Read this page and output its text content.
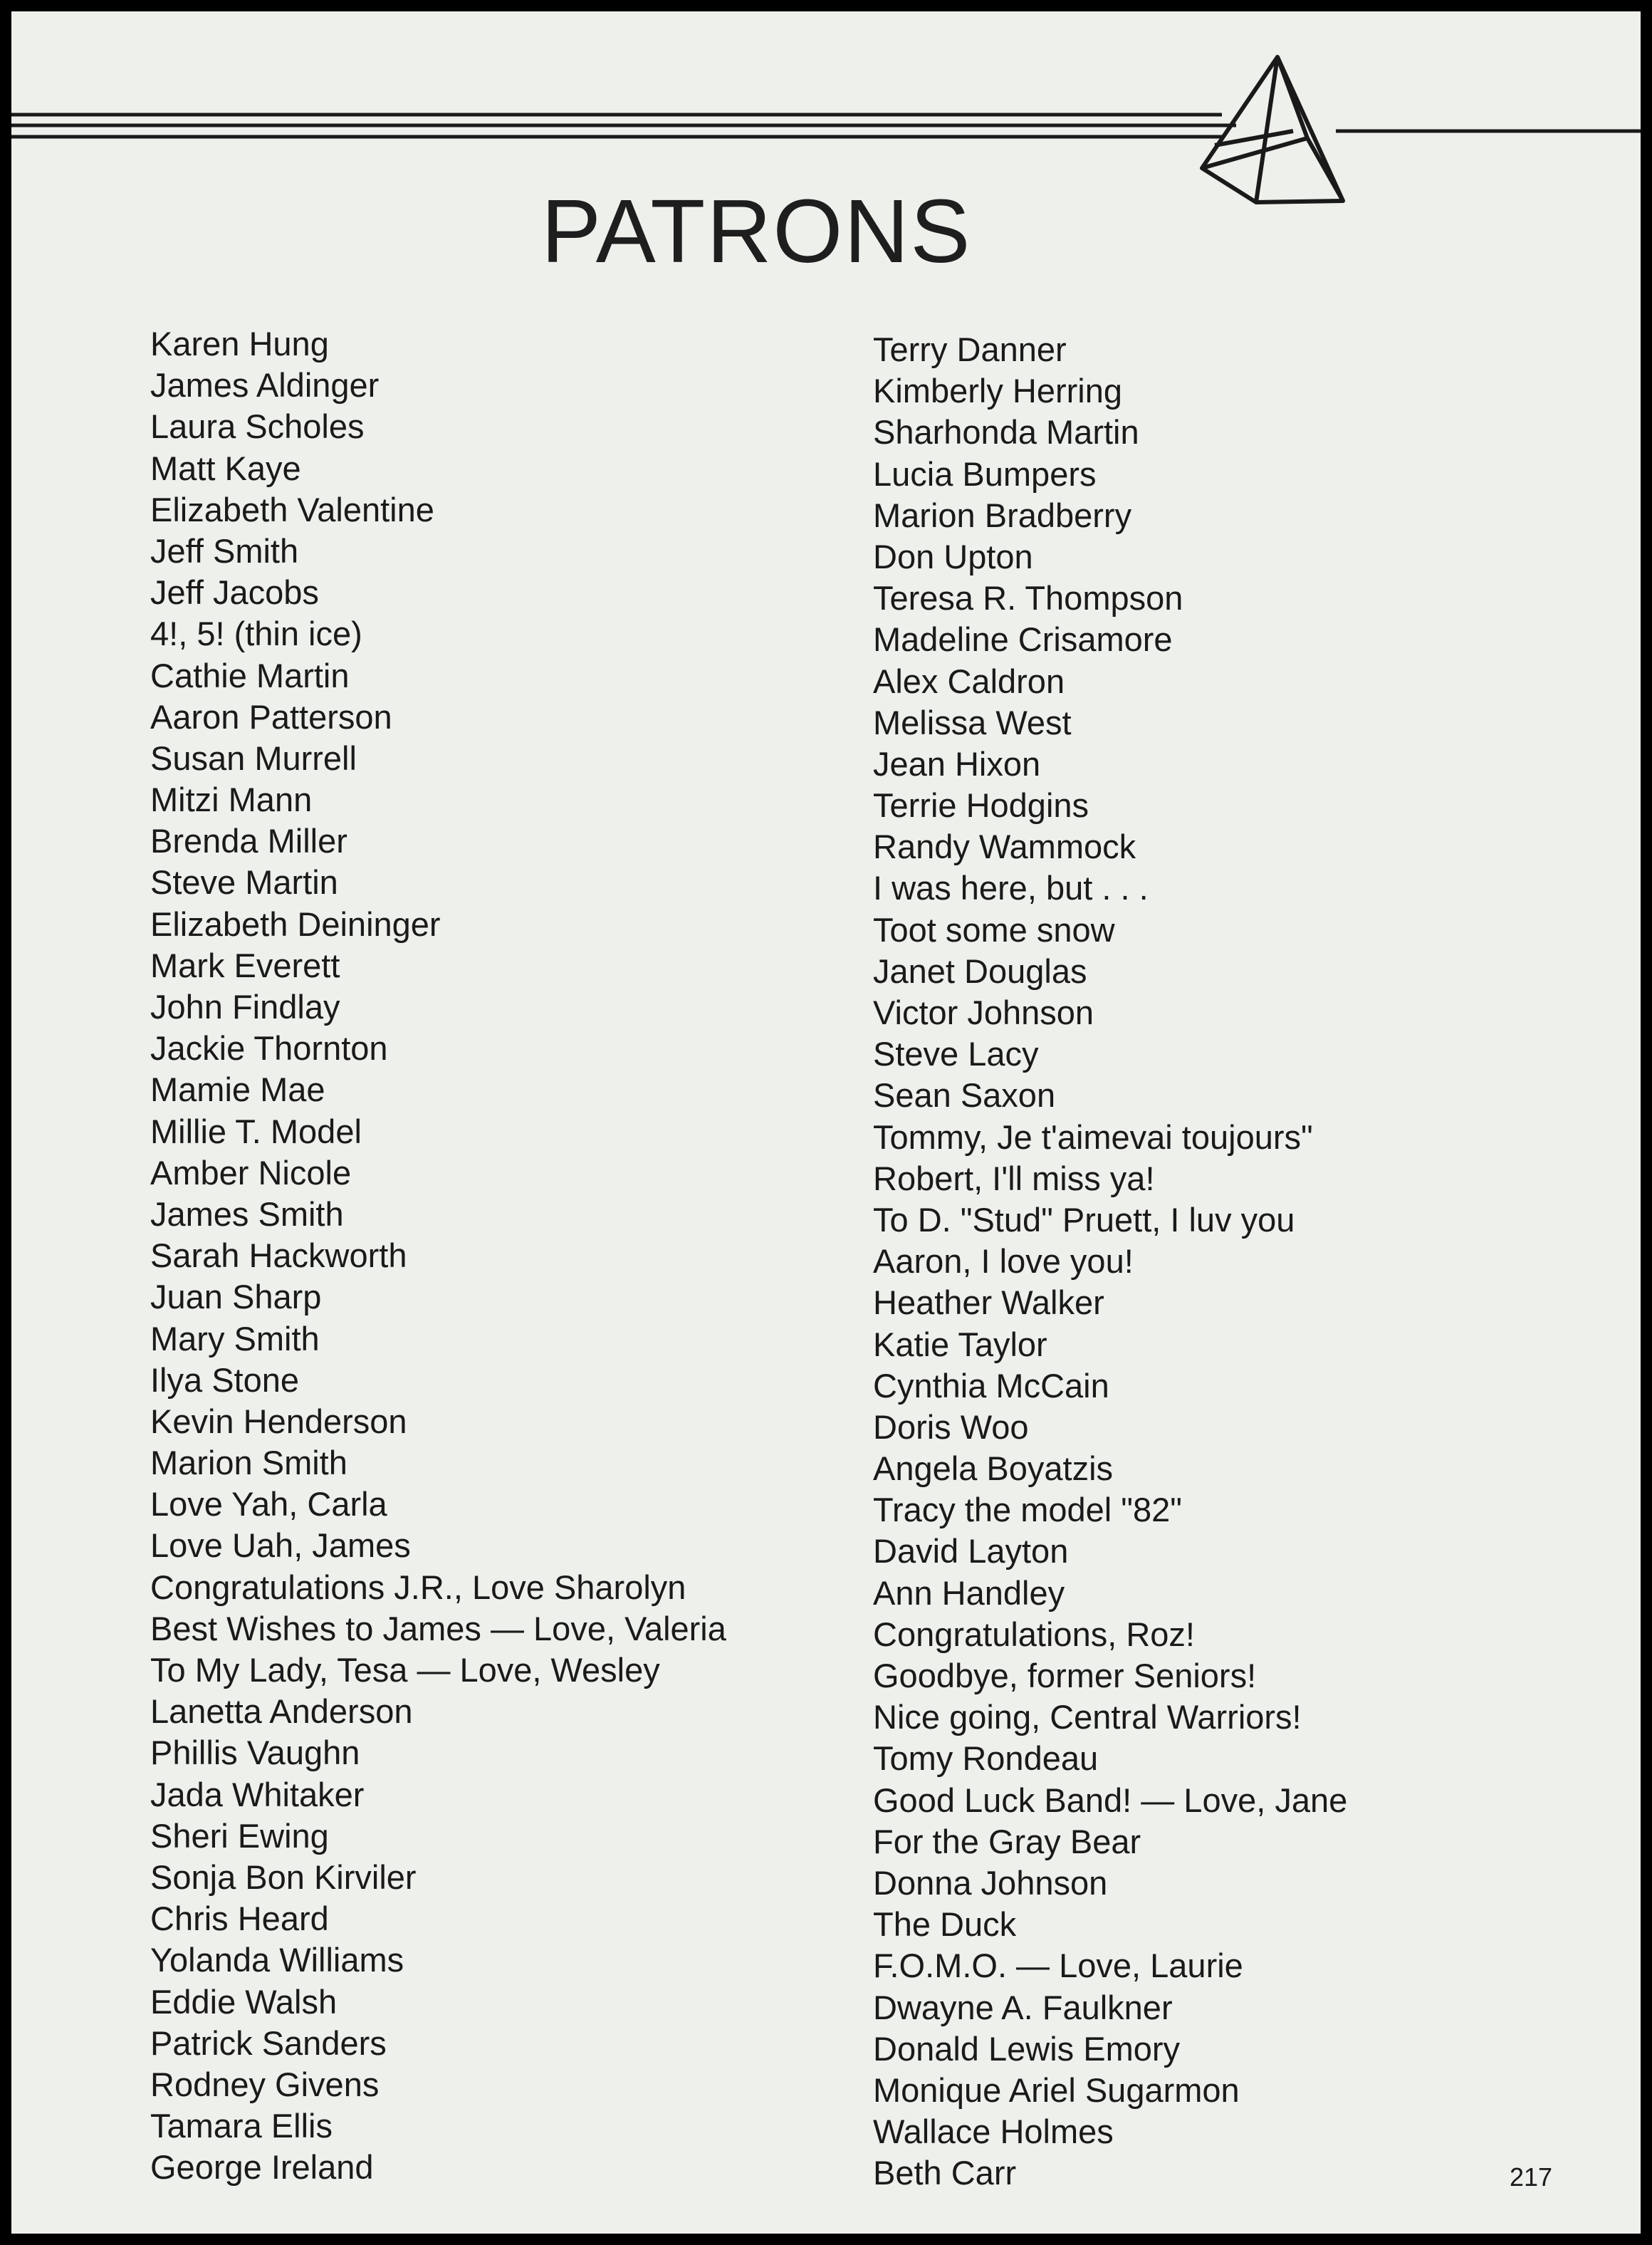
PATRONS
Karen Hung
James Aldinger
Laura Scholes
Matt Kaye
Elizabeth Valentine
Jeff Smith
Jeff Jacobs
4!, 5! (thin ice)
Cathie Martin
Aaron Patterson
Susan Murrell
Mitzi Mann
Brenda Miller
Steve Martin
Elizabeth Deininger
Mark Everett
John Findlay
Jackie Thornton
Mamie Mae
Millie T. Model
Amber Nicole
James Smith
Sarah Hackworth
Juan Sharp
Mary Smith
Ilya Stone
Kevin Henderson
Marion Smith
Love Yah, Carla
Love Uah, James
Congratulations J.R., Love Sharolyn
Best Wishes to James — Love, Valeria
To My Lady, Tesa — Love, Wesley
Lanetta Anderson
Phillis Vaughn
Jada Whitaker
Sheri Ewing
Sonja Bon Kirviler
Chris Heard
Yolanda Williams
Eddie Walsh
Patrick Sanders
Rodney Givens
Tamara Ellis
George Ireland
Terry Danner
Kimberly Herring
Sharhonda Martin
Lucia Bumpers
Marion Bradberry
Don Upton
Teresa R. Thompson
Madeline Crisamore
Alex Caldron
Melissa West
Jean Hixon
Terrie Hodgins
Randy Wammock
I was here, but . . .
Toot some snow
Janet Douglas
Victor Johnson
Steve Lacy
Sean Saxon
Tommy, Je t'aimevai toujours"
Robert, I'll miss ya!
To D. "Stud" Pruett, I luv you
Aaron, I love you!
Heather Walker
Katie Taylor
Cynthia McCain
Doris Woo
Angela Boyatzis
Tracy the model "82"
David Layton
Ann Handley
Congratulations, Roz!
Goodbye, former Seniors!
Nice going, Central Warriors!
Tomy Rondeau
Good Luck Band! — Love, Jane
For the Gray Bear
Donna Johnson
The Duck
F.O.M.O. — Love, Laurie
Dwayne A. Faulkner
Donald Lewis Emory
Monique Ariel Sugarmon
Wallace Holmes
Beth Carr	217
